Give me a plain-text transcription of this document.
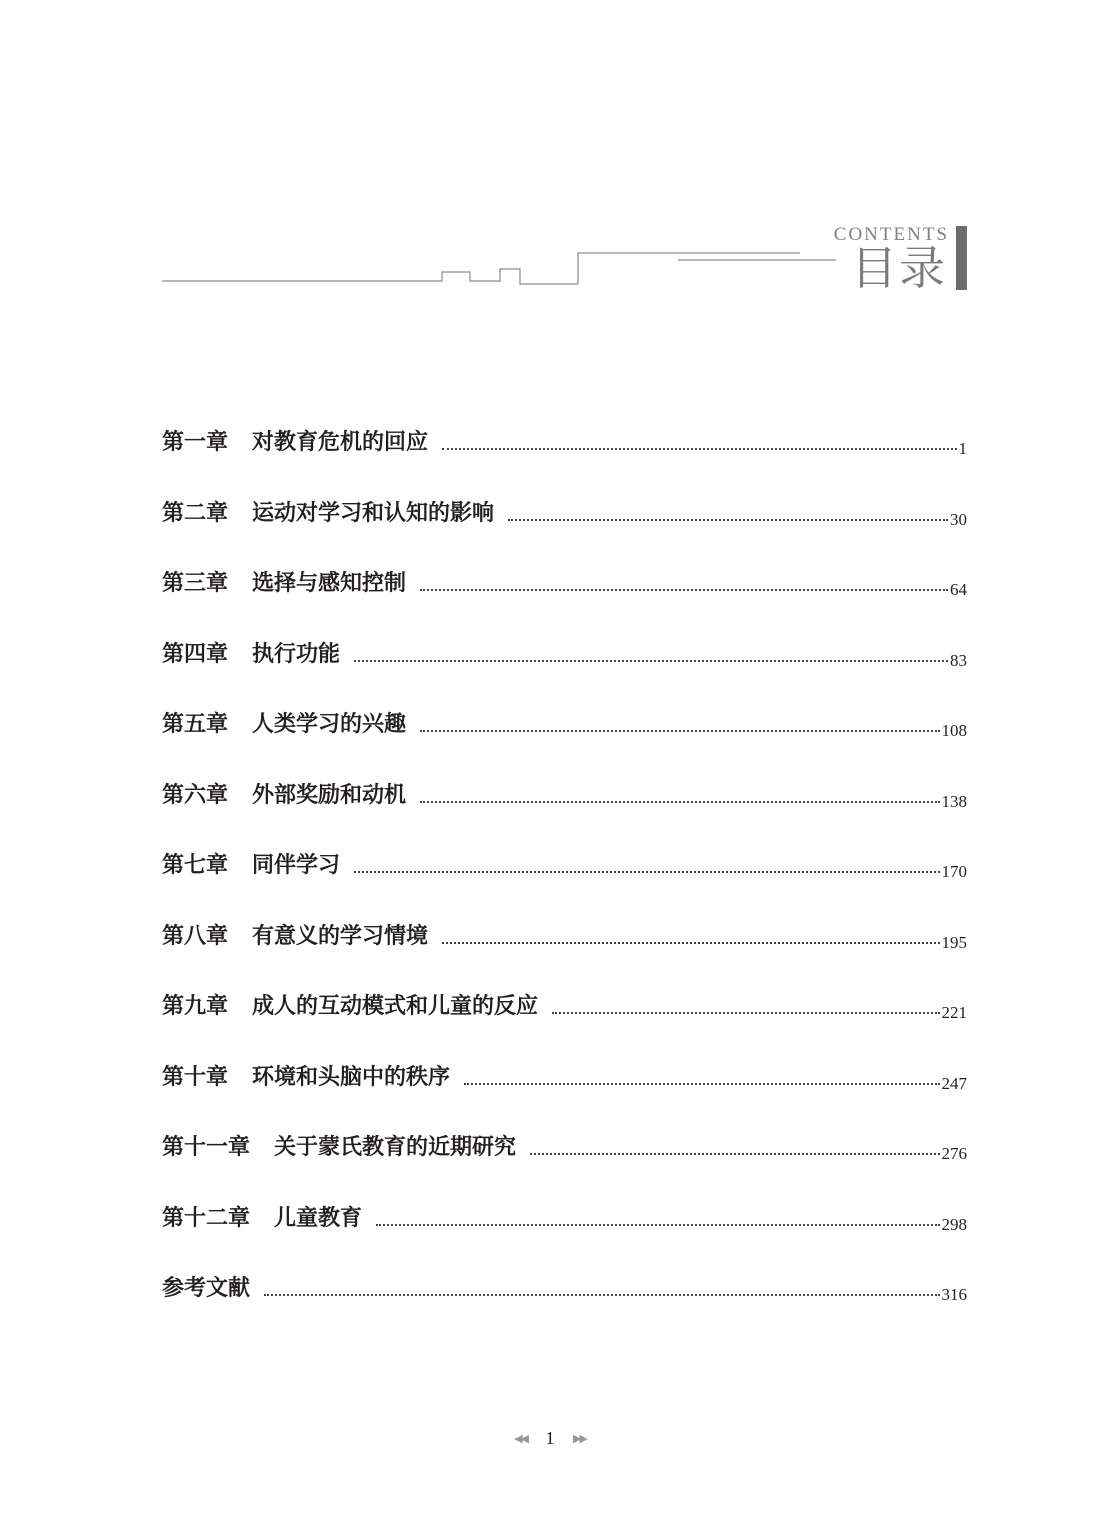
CONTENTS
目录
第一章 对教育危机的回应	1
第二章 运动对学习和认知的影响	30
第三章 选择与感知控制	64
第四章 执行功能	83
第五章 人类学习的兴趣	108
第六章 外部奖励和动机	138
第七章 同伴学习	170
第八章 有意义的学习情境	195
第九章 成人的互动模式和儿童的反应	221
第十章 环境和头脑中的秩序	247
第十一章 关于蒙氏教育的近期研究	276
第十二章 儿童教育	298
参考文献	316
◀◀ 1 ▶▶
